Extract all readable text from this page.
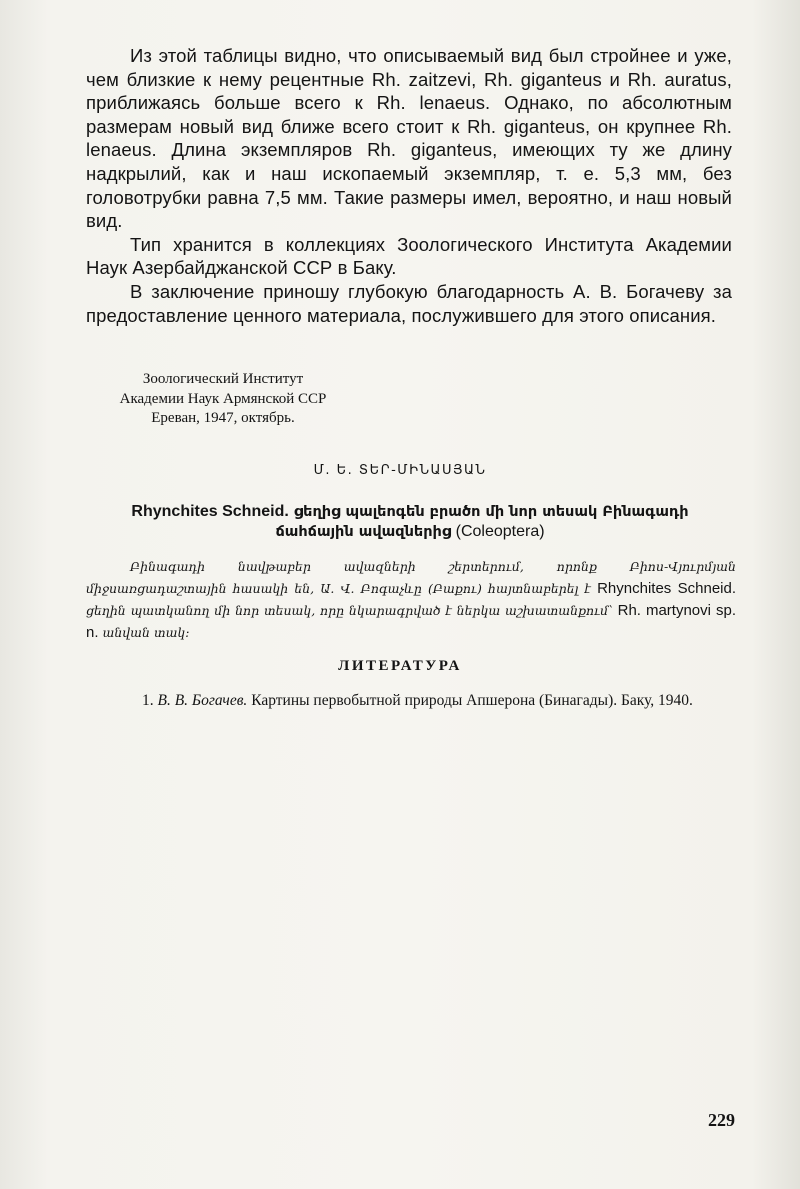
Из этой таблицы видно, что описываемый вид был стройнее и уже, чем близкие к нему рецентные Rh. zaitzevi, Rh. giganteus и Rh. auratus, приближаясь больше всего к Rh. lenaeus. Однако, по абсолютным размерам новый вид ближе всего стоит к Rh. giganteus, он крупнее Rh. lenaeus. Длина экземпляров Rh. giganteus, имеющих ту же длину надкрылий, как и наш ископаемый экземпляр, т. е. 5,3 мм, без головотрубки равна 7,5 мм. Такие размеры имел, вероятно, и наш новый вид.

Тип хранится в коллекциях Зоологического Института Академии Наук Азербайджанской ССР в Баку.

В заключение приношу глубокую благодарность А. В. Богачеву за предоставление ценного материала, послужившего для этого описания.

Зоологический Институт
Академии Наук Армянской ССР
Ереван, 1947, октябрь.
Մ. Ե. ՏԵՐ-ՄԻՆԱՍՅԱՆ
Rhynchites Schneid. ցեղից պալեոգեն բրածո մի նոր տեսակ Բինագադի ճահճային ավազներից (Coleoptera)
Բինագադի նավթաբեր ավազների շերտերում, որոնք Բիոս-Վյուրմյան միջսառցադաշտային հասակի են, Ա. Վ. Բոգաչևը (Բաքու) հայտնաբերել է Rhynchites Schneid. ցեղին պատկանող մի նոր տեսակ, որը նկարագրված է ներկա աշխատանքում՝ Rh. martynovi sp. n. անվան տակ։
ЛИТЕРАТУРА
1. В. В. Богачев. Картины первобытной природы Апшерона (Бинагады). Баку, 1940.
229
